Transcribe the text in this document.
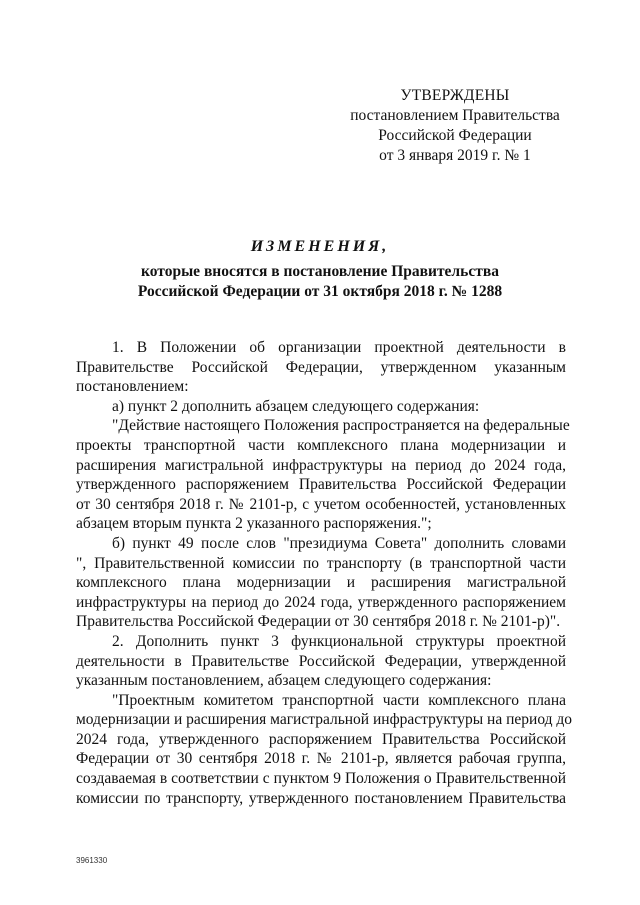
УТВЕРЖДЕНЫ
постановлением Правительства
Российской Федерации
от 3 января 2019 г. № 1
ИЗМЕНЕНИЯ,
которые вносятся в постановление Правительства
Российской Федерации от 31 октября 2018 г. № 1288
1. В Положении об организации проектной деятельности в
Правительстве Российской Федерации, утвержденном указанным
постановлением:
а) пункт 2 дополнить абзацем следующего содержания:
"Действие настоящего Положения распространяется на федеральные
проекты транспортной части комплексного плана модернизации и
расширения магистральной инфраструктуры на период до 2024 года,
утвержденного распоряжением Правительства Российской Федерации
от 30 сентября 2018 г. № 2101-р, с учетом особенностей, установленных
абзацем вторым пункта 2 указанного распоряжения.";
б) пункт 49 после слов "президиума Совета" дополнить словами
", Правительственной комиссии по транспорту (в транспортной части
комплексного плана модернизации и расширения магистральной
инфраструктуры на период до 2024 года, утвержденного распоряжением
Правительства Российской Федерации от 30 сентября 2018 г. № 2101-р)".
2. Дополнить пункт 3 функциональной структуры проектной
деятельности в Правительстве Российской Федерации, утвержденной
указанным постановлением, абзацем следующего содержания:
"Проектным комитетом транспортной части комплексного плана
модернизации и расширения магистральной инфраструктуры на период до
2024 года, утвержденного распоряжением Правительства Российской
Федерации от 30 сентября 2018 г. № 2101-р, является рабочая группа,
создаваемая в соответствии с пунктом 9 Положения о Правительственной
комиссии по транспорту, утвержденного постановлением Правительства
3961330
